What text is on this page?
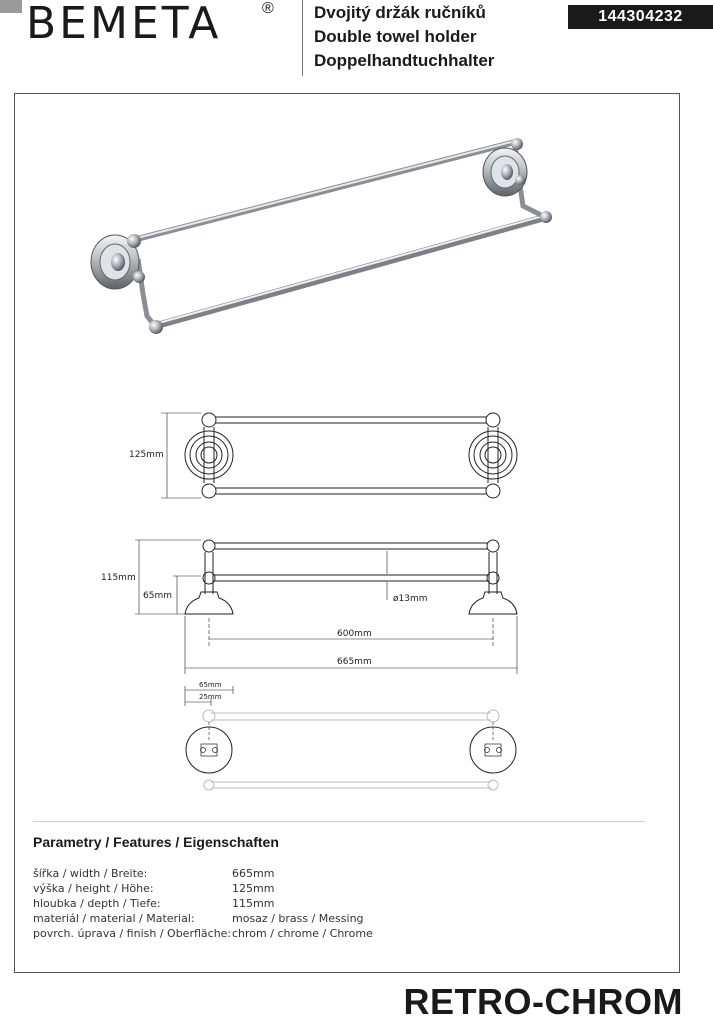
BEMETA	® Dvojitý držák ručníků
Double towel holder
Doppelhandtuchhalter
144304232
125mm
115mm
65mm	ø13mm
600mm
665mm
65mm
25mm
Parametry / Features / Eigenschaften
šířka / width / Breite:	665mm
výška / height / Höhe:	125mm
hloubka / depth / Tiefe:	115mm
materiál / material / Material:	mosaz / brass / Messing
povrch. úprava / finish / Oberfläche: chrom / chrome / Chrome
RETRO-CHROM
